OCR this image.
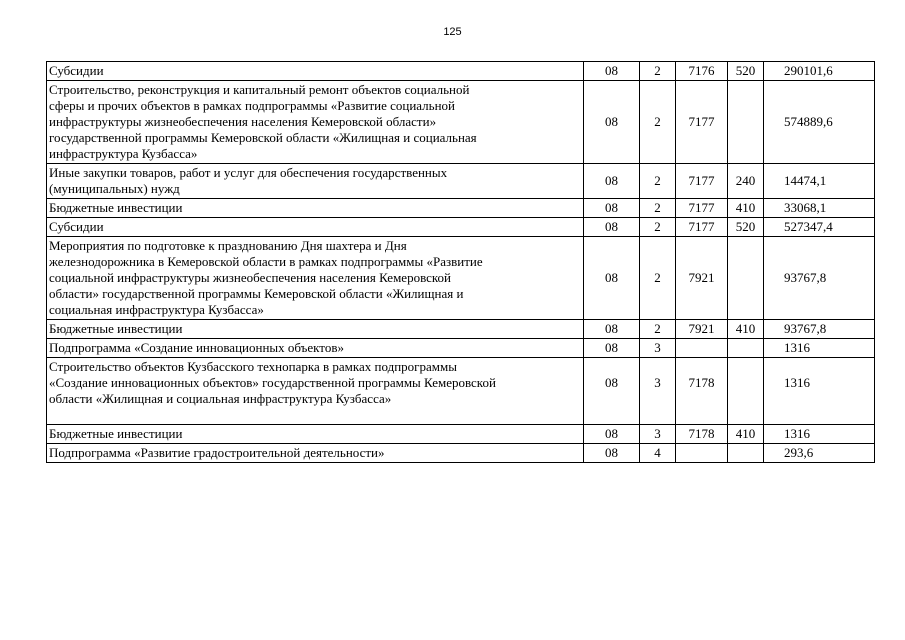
125
Субсидии	08	2	7176	520	290101,6
Строительство, реконструкция и капитальный ремонт объектов социальной
сферы и прочих объектов в рамках подпрограммы «Развитие социальной
инфраструктуры жизнеобеспечения населения Кемеровской области»
государственной программы Кемеровской области «Жилищная и социальная
инфраструктура Кузбасса»	08	2	7177		574889,6
Иные закупки товаров, работ и услуг для обеспечения государственных
(муниципальных) нужд	08	2	7177	240	14474,1
Бюджетные инвестиции	08	2	7177	410	33068,1
Субсидии	08	2	7177	520	527347,4
Мероприятия по подготовке к празднованию Дня шахтера и Дня
железнодорожника в Кемеровской области в рамках подпрограммы «Развитие
социальной инфраструктуры жизнеобеспечения населения Кемеровской
области» государственной программы Кемеровской области «Жилищная и
социальная инфраструктура Кузбасса»	08	2	7921		93767,8
Бюджетные инвестиции	08	2	7921	410	93767,8
Подпрограмма «Создание инновационных объектов»	08	3			1316
Строительство объектов Кузбасского технопарка в рамках подпрограммы
«Создание инновационных объектов» государственной программы Кемеровской
области «Жилищная и социальная инфраструктура Кузбасса»	08	3	7178		1316
Бюджетные инвестиции	08	3	7178	410	1316
Подпрограмма «Развитие градостроительной деятельности»	08	4			293,6
